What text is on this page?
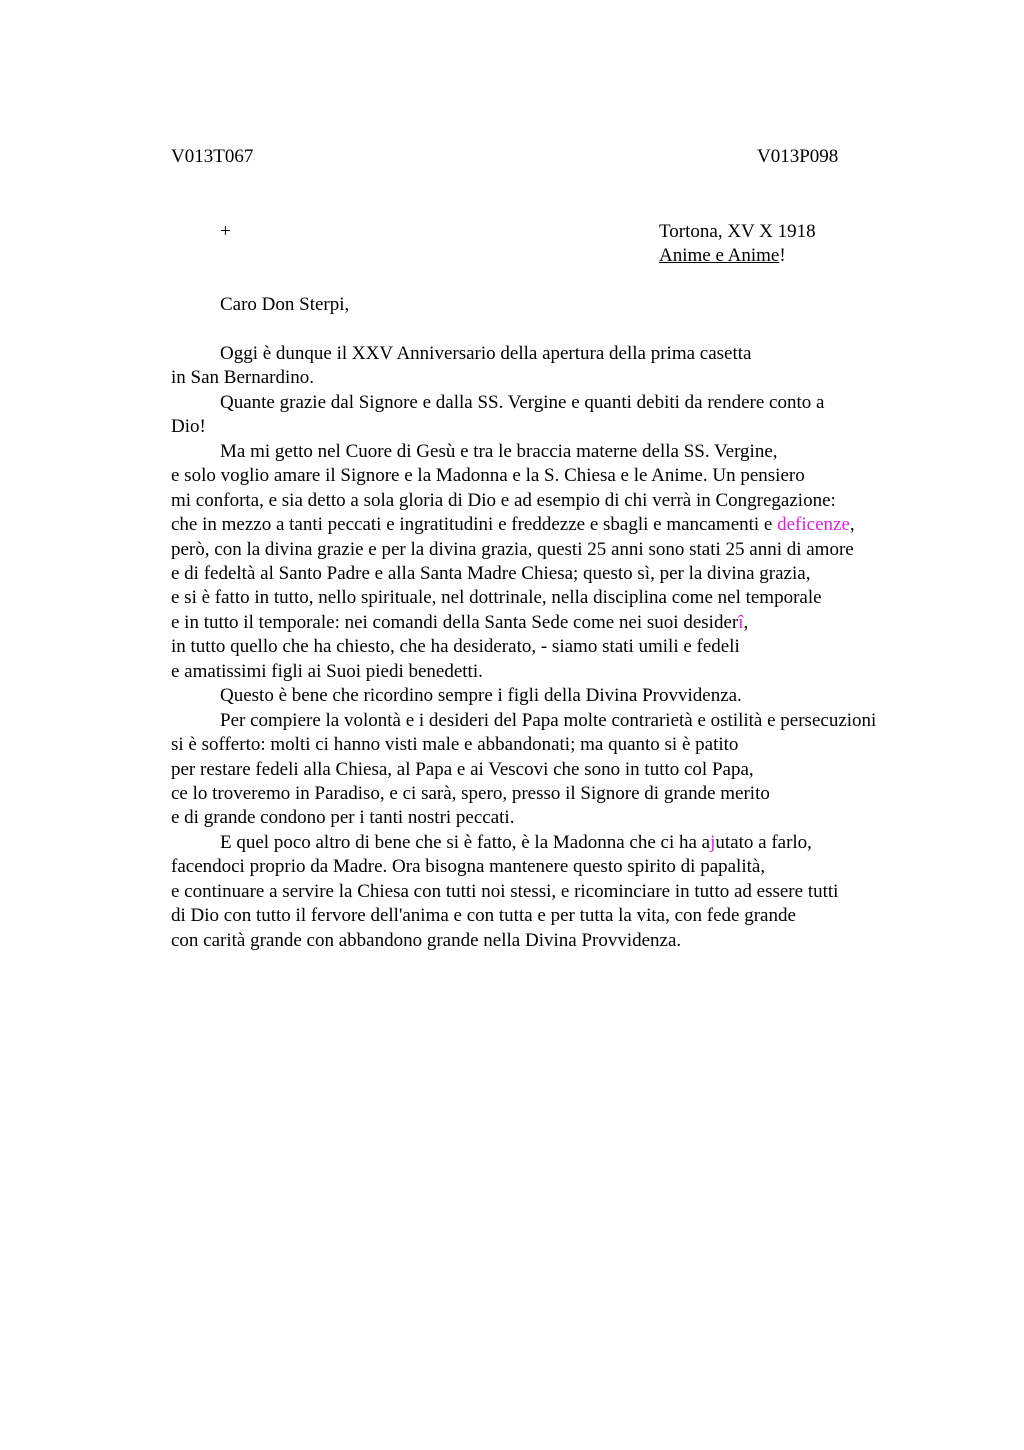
V013T067	V013P098
+	Tortona, XV X 1918
Anime e Anime!
Caro Don Sterpi,
Oggi è dunque il XXV Anniversario della apertura della prima casetta
in San Bernardino.
Quante grazie dal Signore e dalla SS. Vergine e quanti debiti da rendere conto a
Dio!
Ma mi getto nel Cuore di Gesù e tra le braccia materne della SS. Vergine,
e solo voglio amare il Signore e la Madonna e la S. Chiesa e le Anime. Un pensiero
mi conforta, e sia detto a sola gloria di Dio e ad esempio di chi verrà in Congregazione:
che in mezzo a tanti peccati e ingratitudini e freddezze e sbagli e mancamenti e deficenze,
però, con la divina grazie e per la divina grazia, questi 25 anni sono stati 25 anni di amore
e di fedeltà al Santo Padre e alla Santa Madre Chiesa; questo sì, per la divina grazia,
e si è fatto in tutto, nello spirituale, nel dottrinale, nella disciplina come nel temporale
e in tutto il temporale: nei comandi della Santa Sede come nei suoi desiderî,
in tutto quello che ha chiesto, che ha desiderato, - siamo stati umili e fedeli
e amatissimi figli ai Suoi piedi benedetti.
Questo è bene che ricordino sempre i figli della Divina Provvidenza.
Per compiere la volontà e i desideri del Papa molte contrarietà e ostilità e persecuzioni
si è sofferto: molti ci hanno visti male e abbandonati; ma quanto si è patito
per restare fedeli alla Chiesa, al Papa e ai Vescovi che sono in tutto col Papa,
ce lo troveremo in Paradiso, e ci sarà, spero, presso il Signore di grande merito
e di grande condono per i tanti nostri peccati.
E quel poco altro di bene che si è fatto, è la Madonna che ci ha ajutato a farlo,
facendoci proprio da Madre. Ora bisogna mantenere questo spirito di papalità,
e continuare a servire la Chiesa con tutti noi stessi, e ricominciare in tutto ad essere tutti
di Dio con tutto il fervore dell'anima e con tutta e per tutta la vita, con fede grande
con carità grande con abbandono grande nella Divina Provvidenza.
